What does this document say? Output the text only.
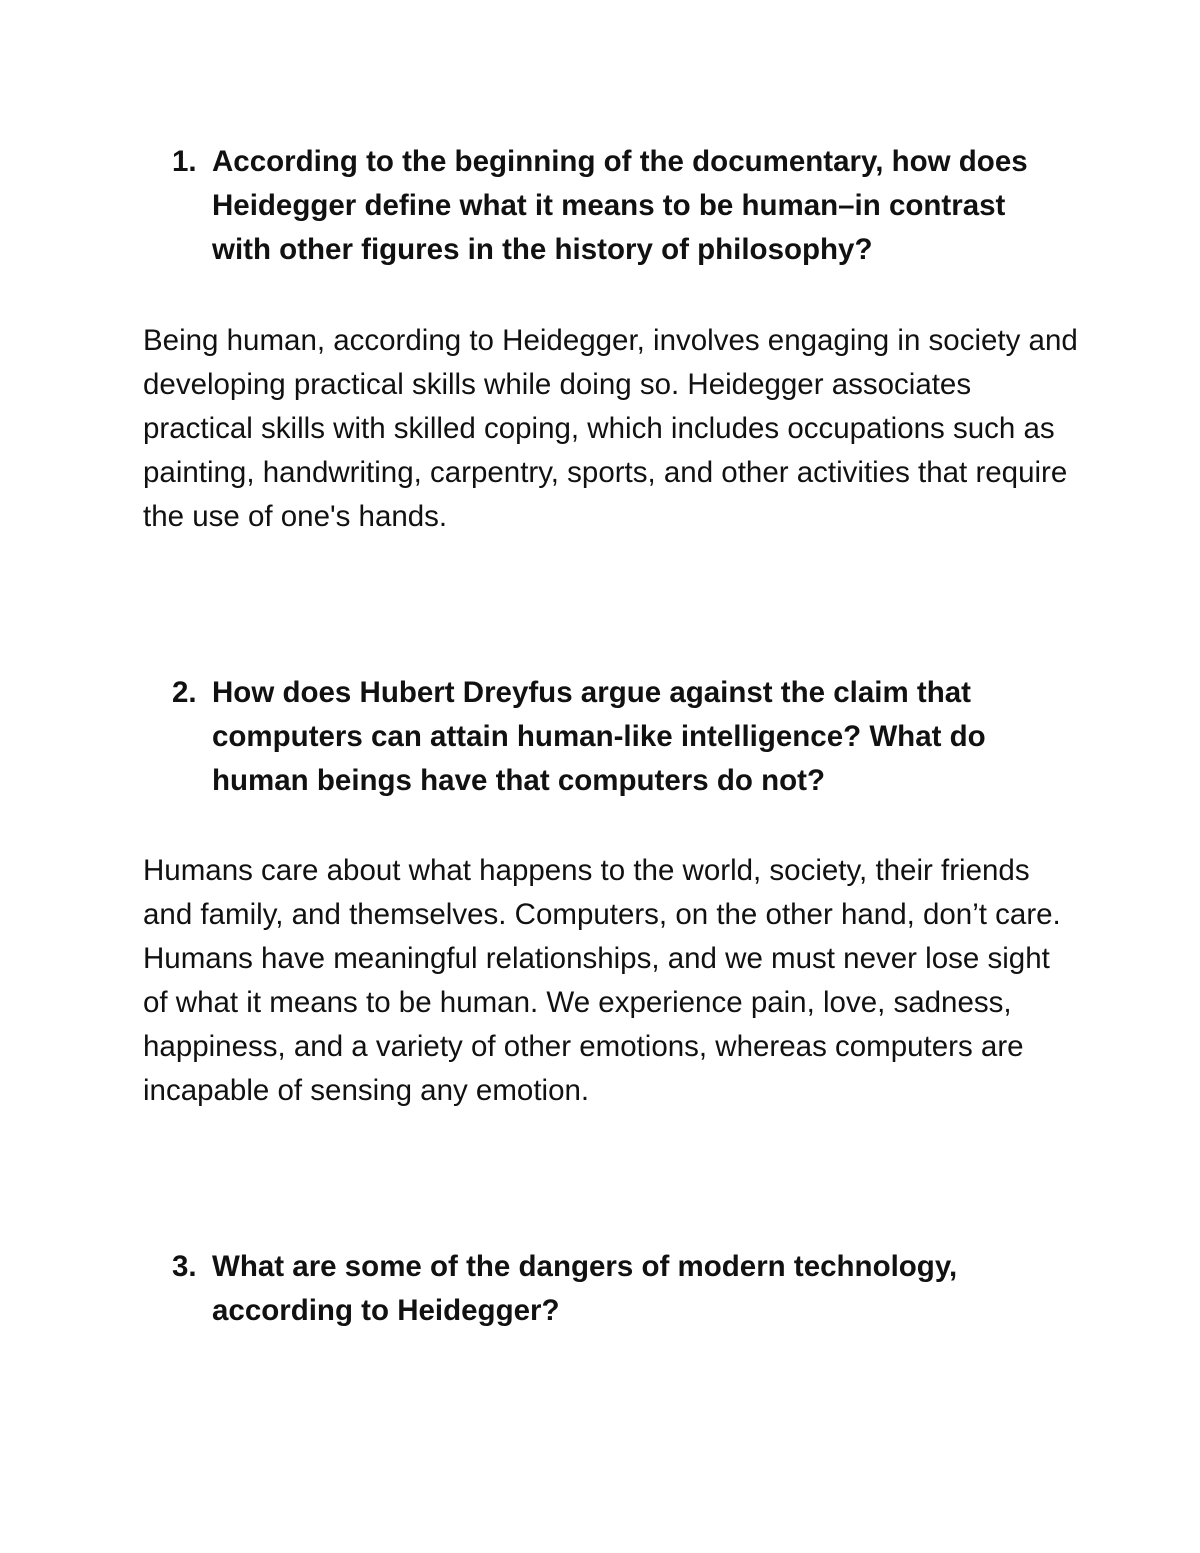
1. According to the beginning of the documentary, how does Heidegger define what it means to be human–in contrast with other figures in the history of philosophy?

Being human, according to Heidegger, involves engaging in society and developing practical skills while doing so. Heidegger associates practical skills with skilled coping, which includes occupations such as painting, handwriting, carpentry, sports, and other activities that require the use of one's hands.

2. How does Hubert Dreyfus argue against the claim that computers can attain human-like intelligence? What do human beings have that computers do not?

Humans care about what happens to the world, society, their friends and family, and themselves. Computers, on the other hand, don’t care. Humans have meaningful relationships, and we must never lose sight of what it means to be human. We experience pain, love, sadness, happiness, and a variety of other emotions, whereas computers are incapable of sensing any emotion.

3. What are some of the dangers of modern technology, according to Heidegger?
